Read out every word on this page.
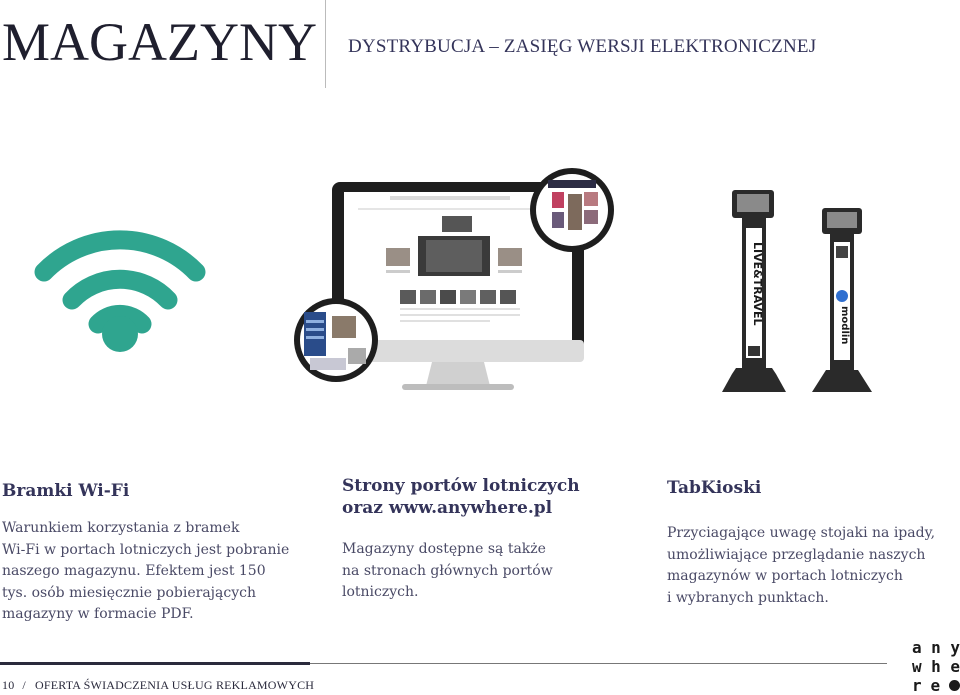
MAGAZYNY DYSTRYBUCJA – ZASIĘG WERSJI ELEKTRONICZNEJ
LIVE&TRAVEL	modlin
Bramki Wi-Fi
Warunkiem korzystania z bramek
Wi-Fi w portach lotniczych jest pobranie
naszego magazynu. Efektem jest 150
tys. osób miesięcznie pobierających
magazyny w formacie PDF.
Strony portów lotniczych
oraz www.anywhere.pl
Magazyny dostępne są także
na stronach głównych portów
lotniczych.
TabKioski
Przyciagające uwagę stojaki na ipady,
umożliwiające przeglądanie naszych
magazynów w portach lotniczych
i wybranych punktach.
10 / OFERTA ŚWIADCZENIA USŁUG REKLAMOWYCH
a n y
w h e
r e
